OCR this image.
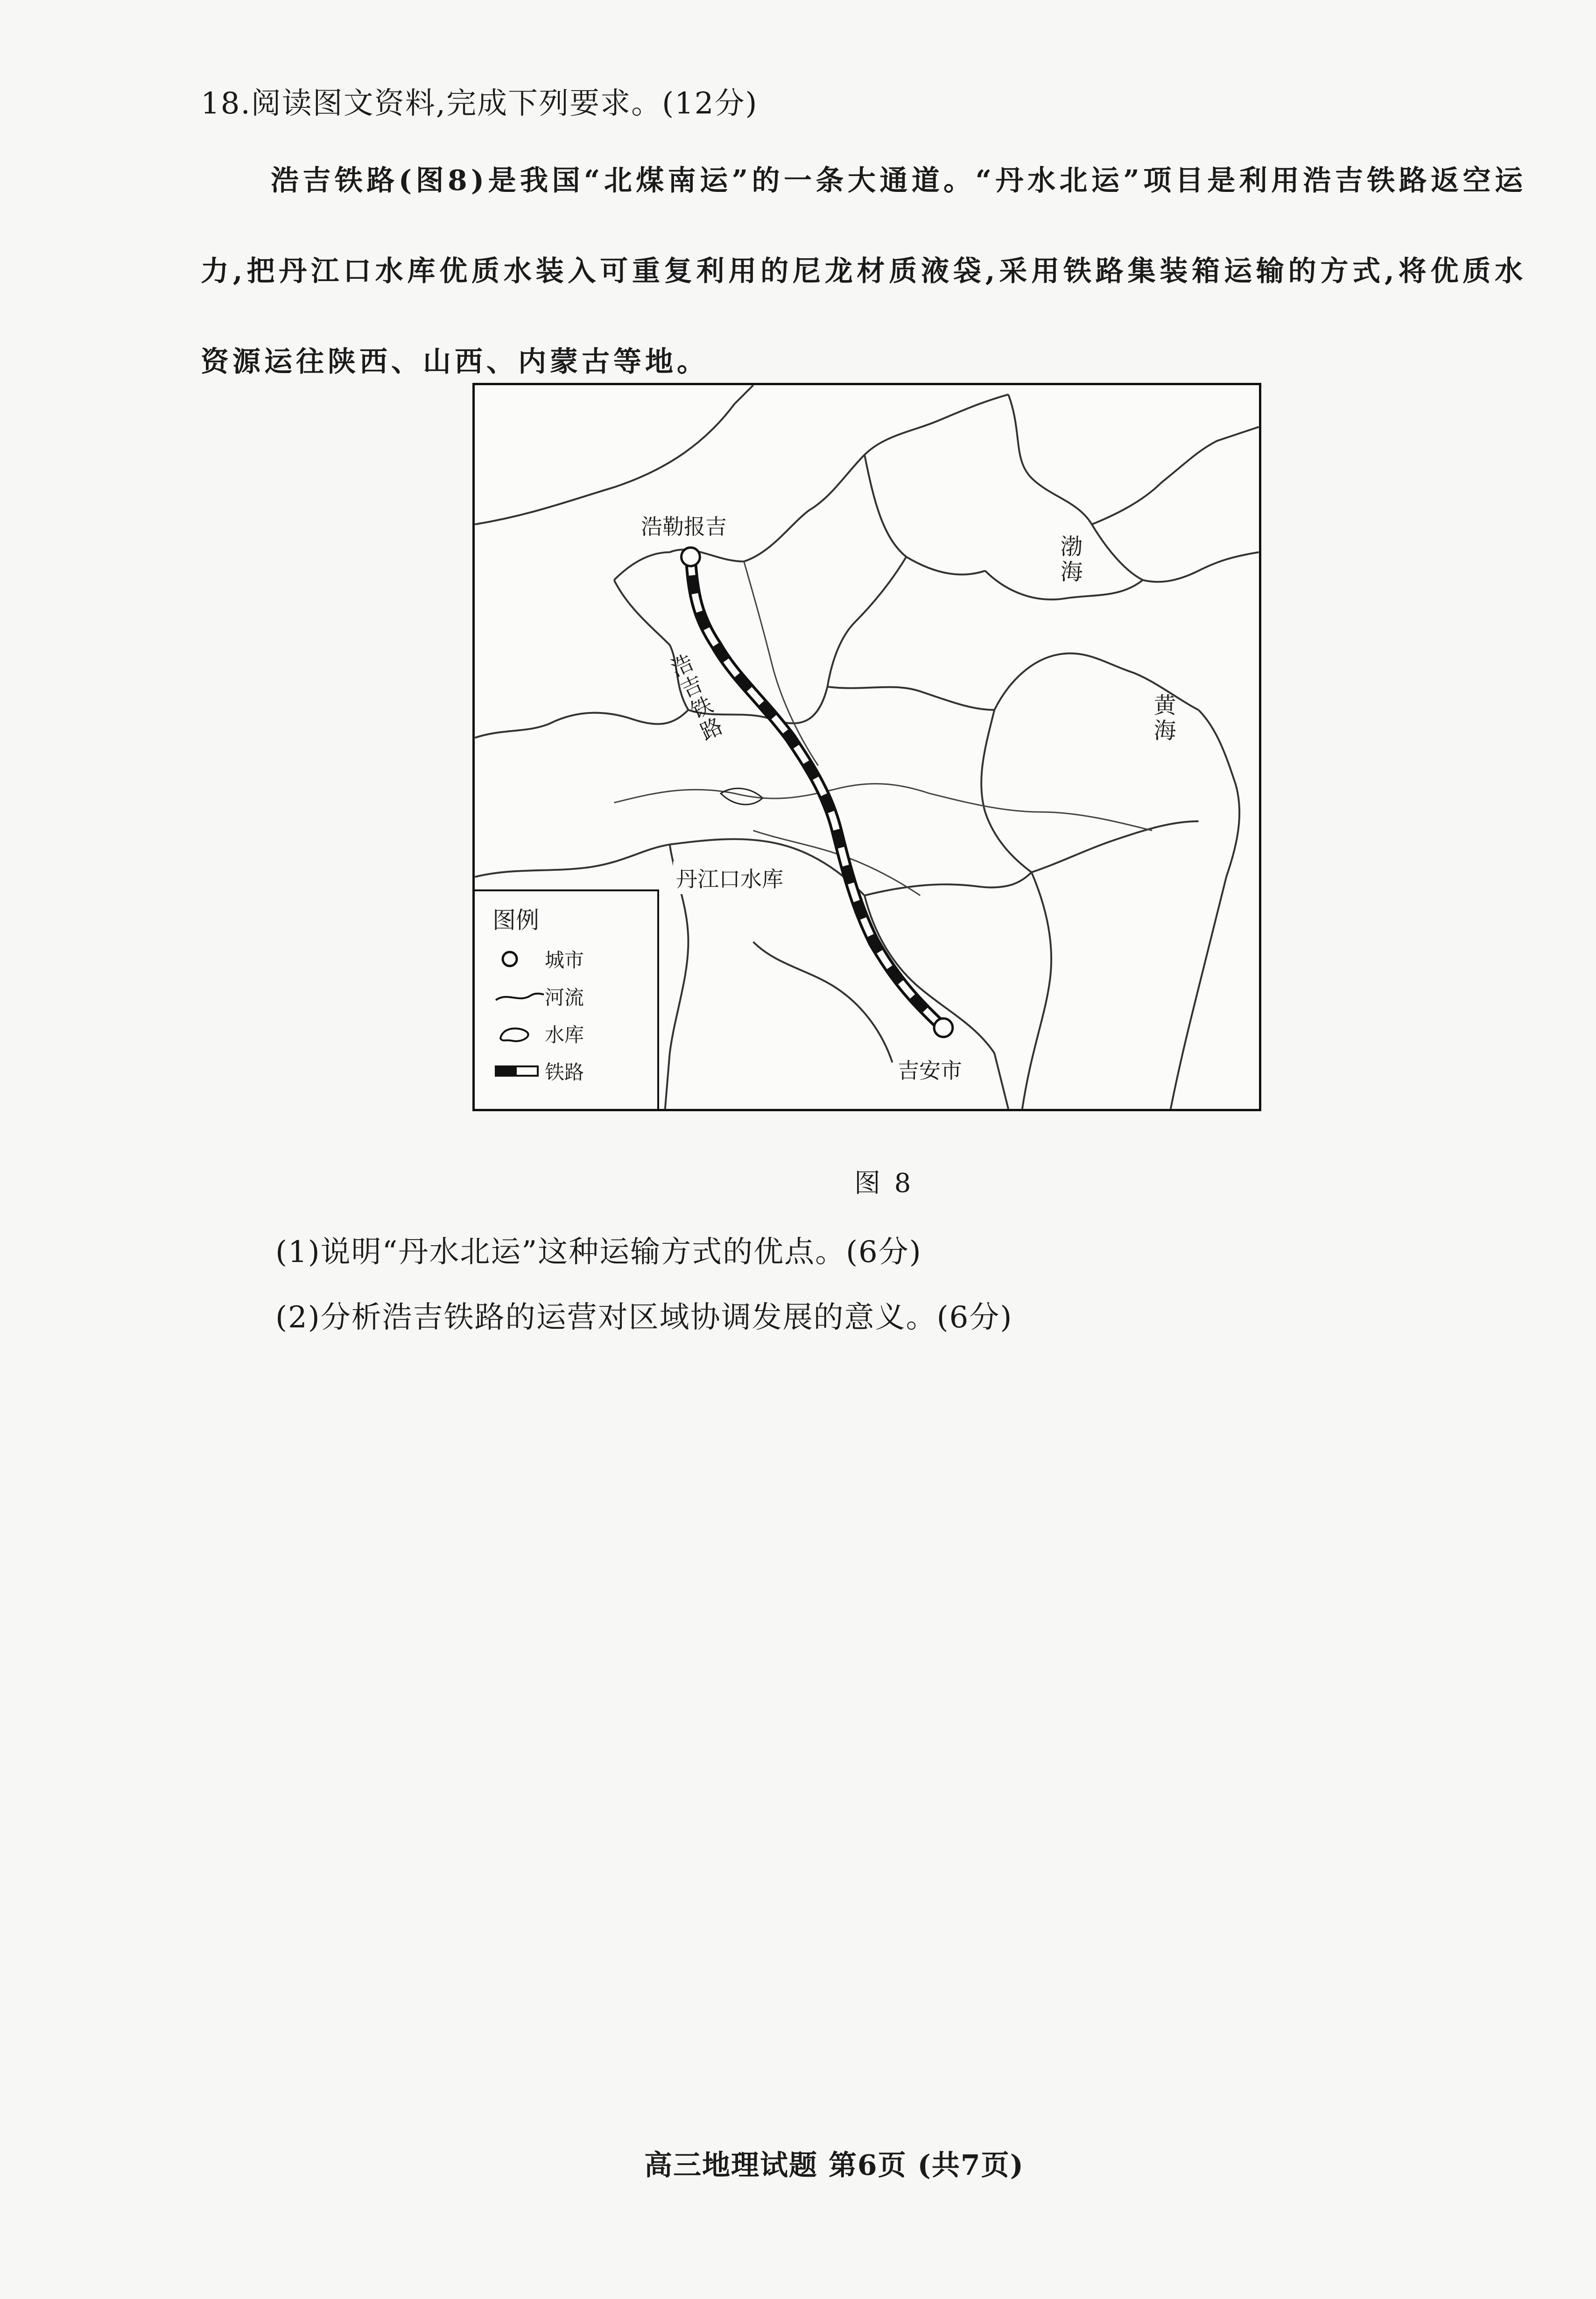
18.阅读图文资料,完成下列要求。(12分)
浩吉铁路(图8)是我国“北煤南运”的一条大通道。“丹水北运”项目是利用浩吉铁路返空运力,把丹江口水库优质水装入可重复利用的尼龙材质液袋,采用铁路集装箱运输的方式,将优质水资源运往陕西、山西、内蒙古等地。
浩勒报吉
吉安市
丹江口水库
浩吉铁路
渤海
黄海
图例
城市
河流
水库
铁路
图 8
(1)说明“丹水北运”这种运输方式的优点。(6分)
(2)分析浩吉铁路的运营对区域协调发展的意义。(6分)
高三地理试题 第6页 (共7页)
